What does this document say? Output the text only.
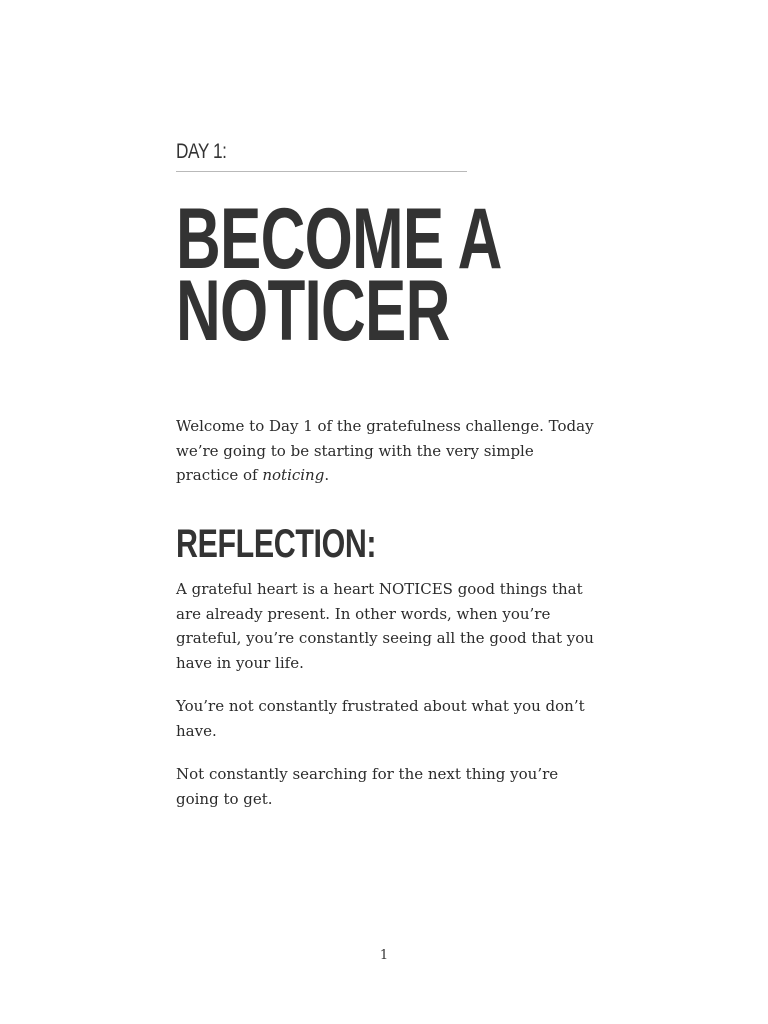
DAY 1:
BECOME A
NOTICER

Welcome to Day 1 of the gratefulness challenge. Today we’re going to be starting with the very simple practice of noticing.

REFLECTION:

A grateful heart is a heart NOTICES good things that are already present. In other words, when you’re grateful, you’re constantly seeing all the good that you have in your life.

You’re not constantly frustrated about what you don’t have.

Not constantly searching for the next thing you’re going to get.

1
